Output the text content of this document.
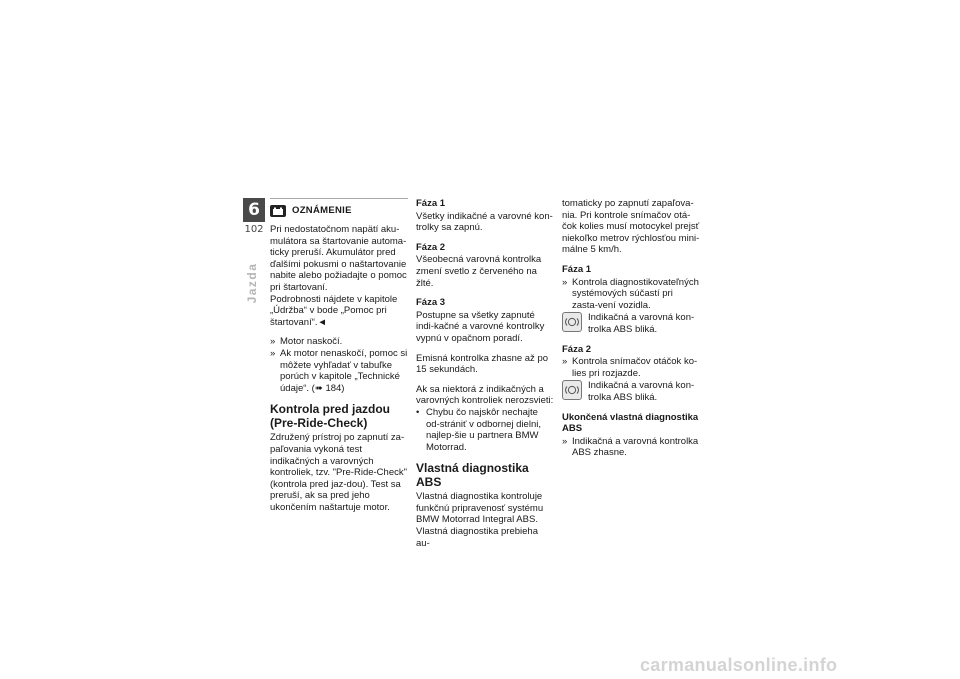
6
102
Jazda
OZNÁMENIE

Pri nedostatočnom napätí aku-mulátora sa štartovanie automa-ticky preruší. Akumulátor pred ďalšími pokusmi o naštartovanie nabite alebo požiadajte o pomoc pri štartovaní.

Podrobnosti nájdete v kapitole „Údržba“ v bode „Pomoc pri štartovaní“.◄

» Motor naskočí.
» Ak motor nenaskočí, pomoc si môžete vyhľadať v tabuľke porúch v kapitole „Technické údaje“. (➠ 184)
Kontrola pred jazdou (Pre-Ride-Check)

Združený prístroj po zapnutí za-paľovania vykoná test indikačných a varovných kontroliek, tzv. "Pre-Ride-Check" (kontrola pred jaz-dou). Test sa preruší, ak sa pred jeho ukončením naštartuje motor.

Fáza 1

Všetky indikačné a varovné kon-trolky sa zapnú.

Fáza 2

Všeobecná varovná kontrolka zmení svetlo z červeného na žlté.

Fáza 3

Postupne sa všetky zapnuté indi-kačné a varovné kontrolky vypnú v opačnom poradí.

Emisná kontrolka zhasne až po 15 sekundách.

Ak sa niektorá z indikačných a varovných kontroliek nerozsvieti:

• Chybu čo najskôr nechajte od-strániť v odbornej dielni, najlep-šie u partnera BMW Motorrad.
Vlastná diagnostika ABS

Vlastná diagnostika kontroluje funkčnú pripravenosť systému BMW Motorrad Integral ABS. Vlastná diagnostika prebieha au-

tomaticky po zapnutí zapaľova-nia. Pri kontrole snímačov otá-čok kolies musí motocykel prejsť niekoľko metrov rýchlosťou mini-málne 5 km/h.

Fáza 1
» Kontrola diagnostikovateľných systémových súčastí pri zasta-vení vozidla.
Indikačná a varovná kon-trolka ABS bliká.
Fáza 2
» Kontrola snímačov otáčok ko-lies pri rozjazde.
Indikačná a varovná kon-trolka ABS bliká.
Ukončená vlastná diagnostika ABS
» Indikačná a varovná kontrolka ABS zhasne.
carmanualsonline.info
